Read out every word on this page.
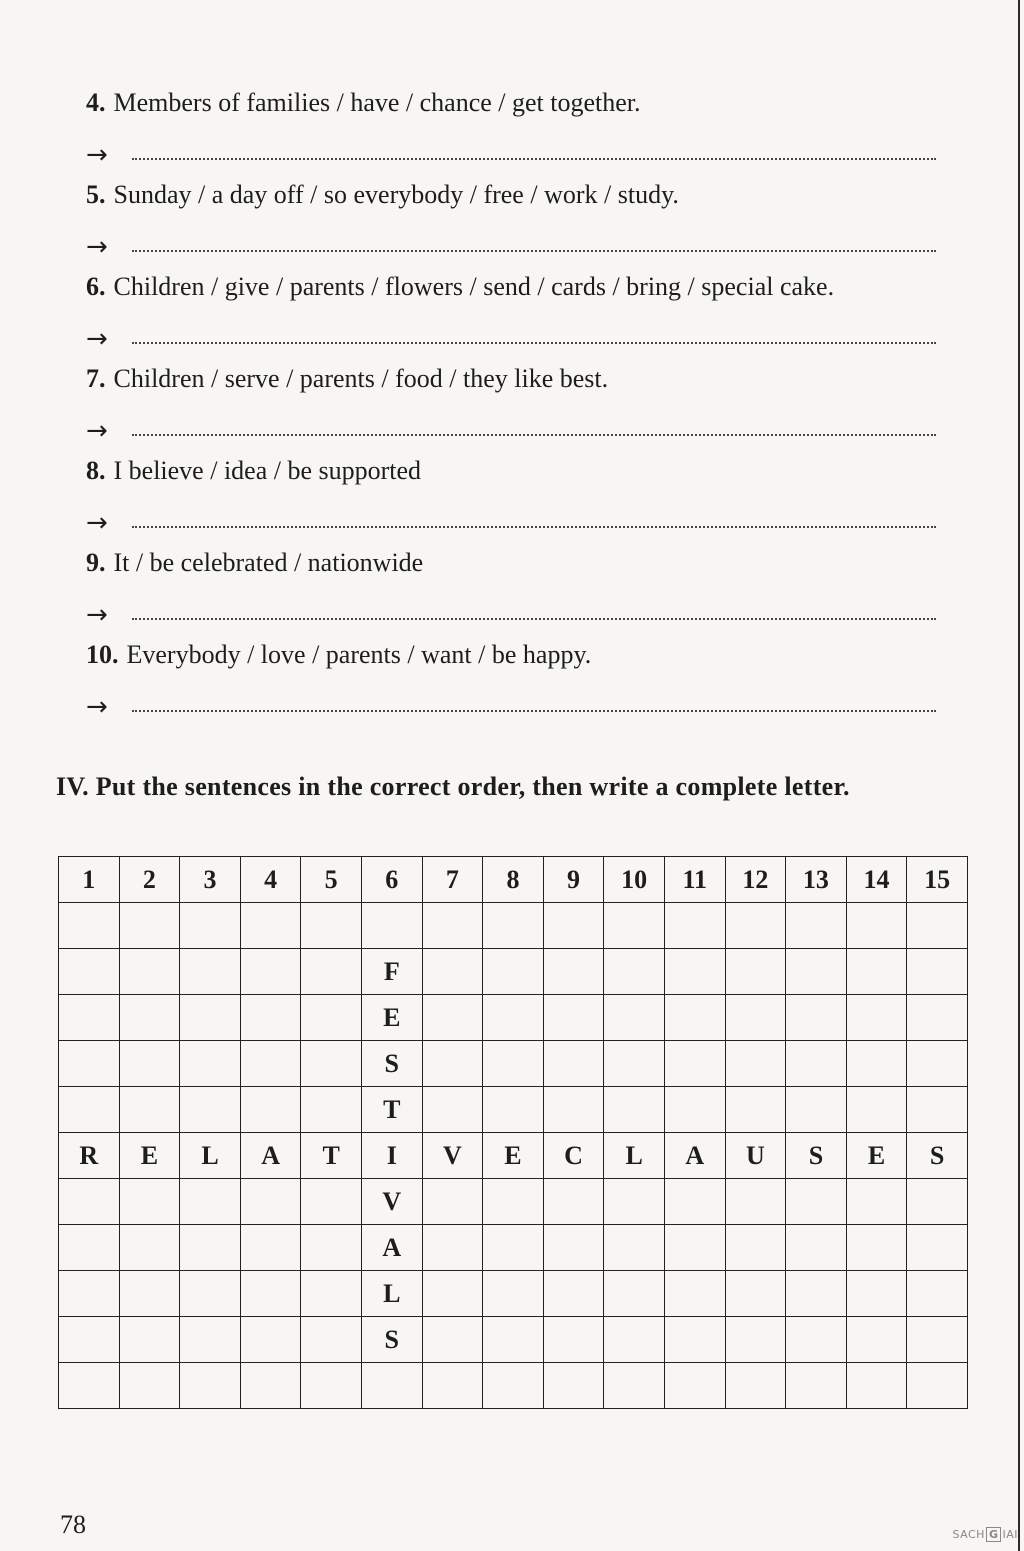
4. Members of families / have / chance / get together.
→
5. Sunday / a day off / so everybody / free / work / study.
→
6. Children / give / parents / flowers / send / cards / bring / special cake.
→
7. Children / serve / parents / food / they like best.
→
8. I believe / idea / be supported
→
9. It / be celebrated / nationwide
→
10. Everybody / love / parents / want / be happy.
→
IV. Put the sentences in the correct order, then write a complete letter.
1	2	3	4	5	6	7	8	9	10	11	12	13	14	15

					F									
					E									
					S									
					T									
R	E	L	A	T	I	V	E	C	L	A	U	S	E	S
					V									
					A									
					L									
					S									

78	SACH G IAI
